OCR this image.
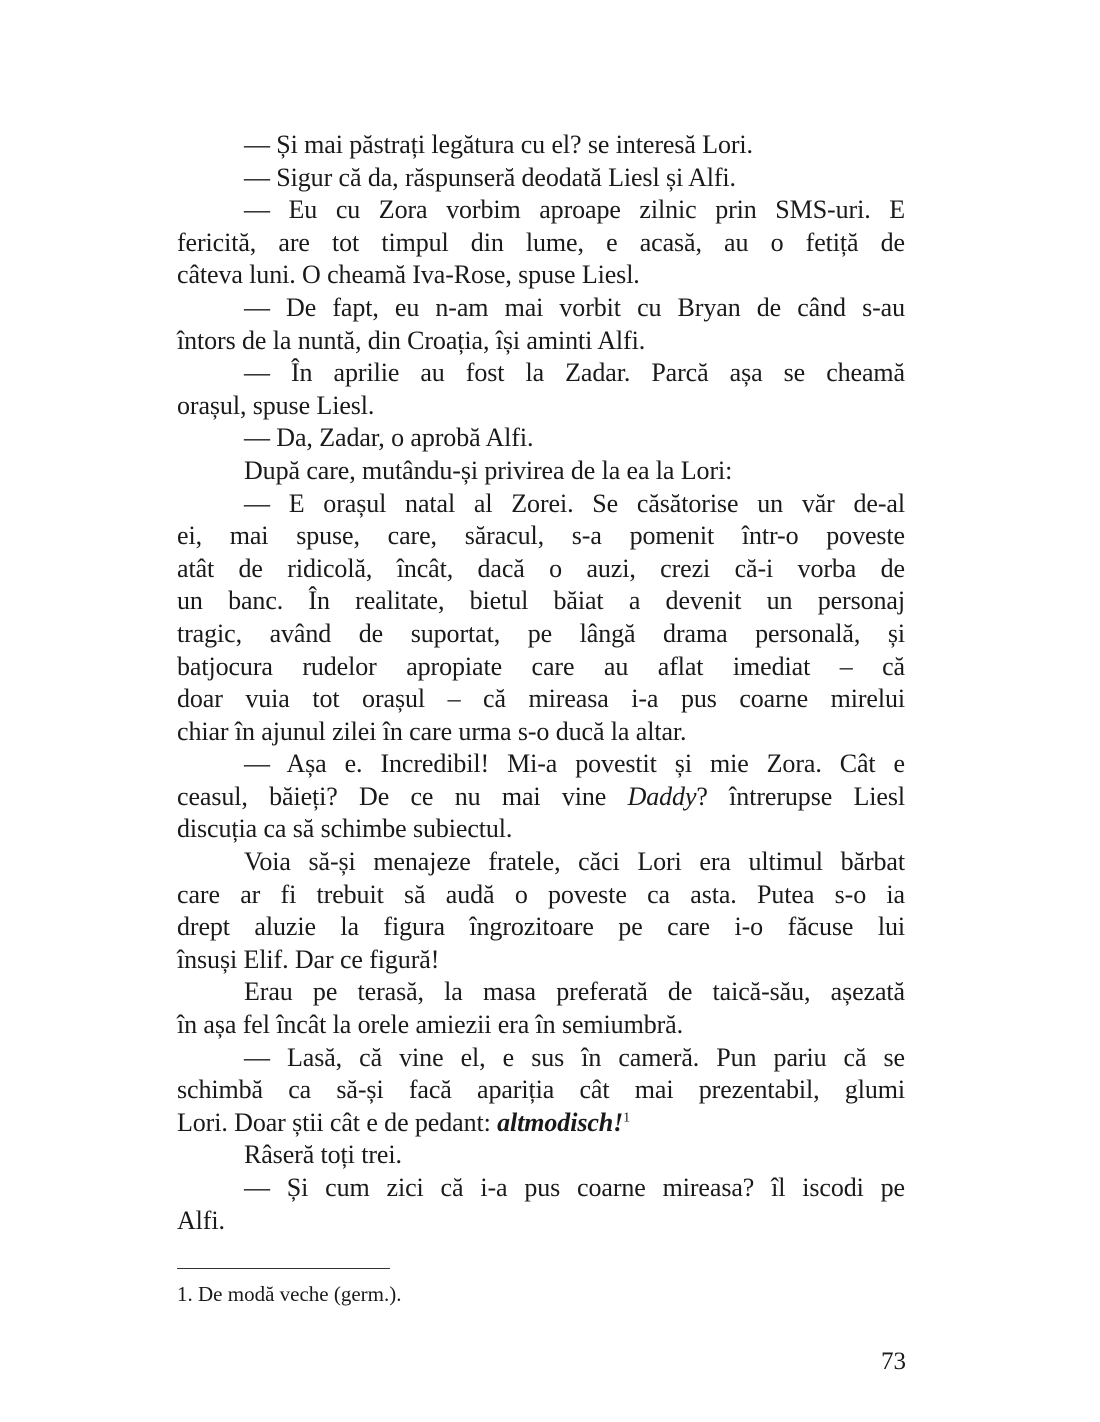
— Și mai păstrați legătura cu el? se interesă Lori.
— Sigur că da, răspunseră deodată Liesl și Alfi.
— Eu cu Zora vorbim aproape zilnic prin SMS-uri. E
fericită, are tot timpul din lume, e acasă, au o fetiță de
câteva luni. O cheamă Iva-Rose, spuse Liesl.
— De fapt, eu n-am mai vorbit cu Bryan de când s-au
întors de la nuntă, din Croația, își aminti Alfi.
— În aprilie au fost la Zadar. Parcă așa se cheamă
orașul, spuse Liesl.
— Da, Zadar, o aprobă Alfi.
După care, mutându-și privirea de la ea la Lori:
— E orașul natal al Zorei. Se căsătorise un văr de-al
ei, mai spuse, care, săracul, s-a pomenit într-o poveste
atât de ridicolă, încât, dacă o auzi, crezi că-i vorba de
un banc. În realitate, bietul băiat a devenit un personaj
tragic, având de suportat, pe lângă drama personală, și
batjocura rudelor apropiate care au aflat imediat – că
doar vuia tot orașul – că mireasa i-a pus coarne mirelui
chiar în ajunul zilei în care urma s-o ducă la altar.
— Așa e. Incredibil! Mi-a povestit și mie Zora. Cât e
ceasul, băieți? De ce nu mai vine Daddy? întrerupse Liesl
discuția ca să schimbe subiectul.
Voia să-și menajeze fratele, căci Lori era ultimul bărbat
care ar fi trebuit să audă o poveste ca asta. Putea s-o ia
drept aluzie la figura îngrozitoare pe care i-o făcuse lui
însuși Elif. Dar ce figură!
Erau pe terasă, la masa preferată de taică-său, așezată
în așa fel încât la orele amiezii era în semiumbră.
— Lasă, că vine el, e sus în cameră. Pun pariu că se
schimbă ca să-și facă apariția cât mai prezentabil, glumi
Lori. Doar știi cât e de pedant: altmodisch!$^1$
Râseră toți trei.
— Și cum zici că i-a pus coarne mireasa? îl iscodi pe
Alfi.
1. De modă veche (germ.).
73
